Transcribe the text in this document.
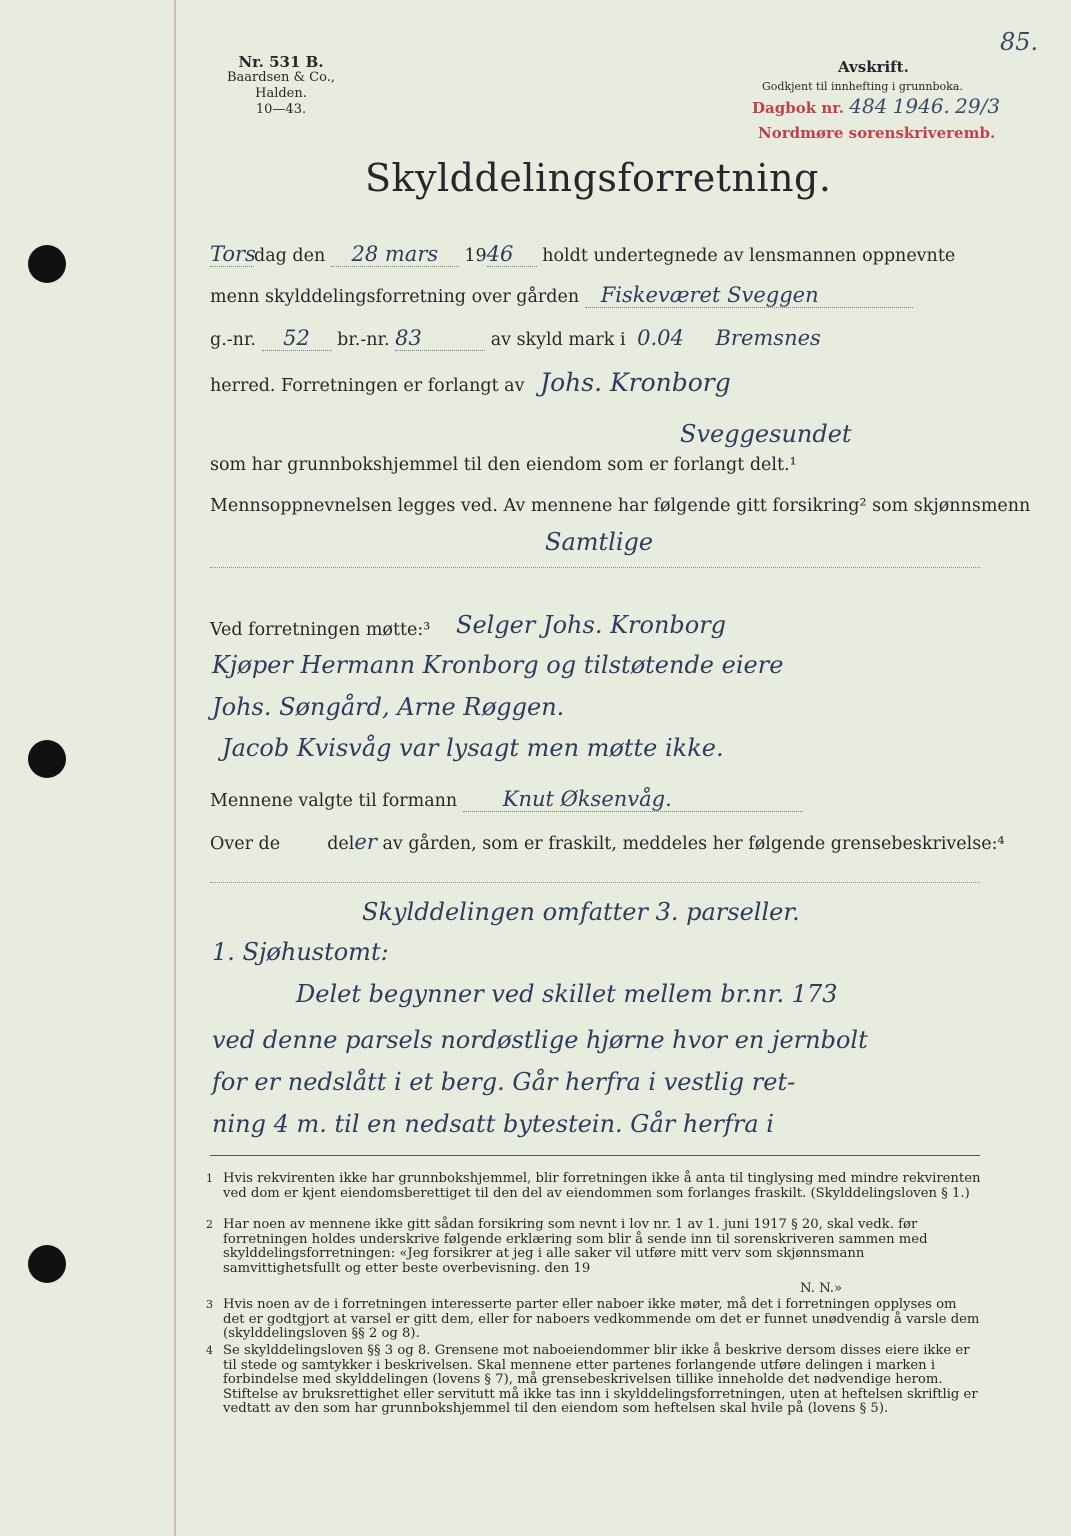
Nr. 531 B.
Baardsen & Co., Halden.
10—43.
85.
Avskrift.
Godkjent til innhefting i grunnboka.
Dagbok nr. 484 1946. 29/3
Nordmøre sorenskriveremb.
Skylddelingsforretning.
Torsdag den 28 mars 1946 holdt undertegnede av lensmannen oppnevnte
menn skylddelingsforretning over gården Fiskeværet Sveggen
g.-nr. 52 br.-nr. 83	av skyld mark i 0.04 Bremsnes
herred. Forretningen er forlangt av Johs. Kronborg
Sveggesundet
som har grunnbokshjemmel til den eiendom som er forlangt delt.¹
Mennsoppnevnelsen legges ved. Av mennene har følgende gitt forsikring² som skjønnsmenn
Samtlige
Ved forretningen møtte:³	Selger Johs. Kronborg
Kjøper Hermann Kronborg og tilstøtende eiere
Johs. Søngård, Arne Røggen.
Jacob Kvisvåg var lysagt men møtte ikke.
Mennene valgte til formann Knut Øksenvåg.
Over de	deler av gården, som er fraskilt, meddeles her følgende grensebeskrivelse:⁴
Skylddelingen omfatter 3. parseller.
1. Sjøhustomt:
Delet begynner ved skillet mellem br.nr. 173
ved denne parsels nordøstlige hjørne hvor en jernbolt
for er nedslått i et berg. Går herfra i vestlig ret-
ning 4 m. til en nedsatt bytestein. Går herfra i
1 Hvis rekvirenten ikke har grunnbokshjemmel, blir forretningen ikke å anta til tinglysing med mindre rekvirenten ved dom er kjent eiendomsberettiget til den del av eiendommen som forlanges fraskilt. (Skylddelingsloven § 1.)
2 Har noen av mennene ikke gitt sådan forsikring som nevnt i lov nr. 1 av 1. juni 1917 § 20, skal vedk. før forretningen holdes underskrive følgende erklæring som blir å sende inn til sorenskriveren sammen med skylddelingsforretningen: «Jeg forsikrer at jeg i alle saker vil utføre mitt verv som skjønnsmann samvittighetsfullt og etter beste overbevisning. den 19
N. N.»
3 Hvis noen av de i forretningen interesserte parter eller naboer ikke møter, må det i forretningen opplyses om det er godtgjort at varsel er gitt dem, eller for naboers vedkommende om det er funnet unødvendig å varsle dem (skylddelingsloven §§ 2 og 8).
4 Se skylddelingsloven §§ 3 og 8. Grensene mot naboeiendommer blir ikke å beskrive dersom disses eiere ikke er til stede og samtykker i beskrivelsen. Skal mennene etter partenes forlangende utføre delingen i marken i forbindelse med skylddelingen (lovens § 7), må grensebeskrivelsen tillike inneholde det nødvendige herom. Stiftelse av bruksrettighet eller servitutt må ikke tas inn i skylddelingsforretningen, uten at heftelsen skriftlig er vedtatt av den som har grunnbokshjemmel til den eiendom som heftelsen skal hvile på (lovens § 5).
